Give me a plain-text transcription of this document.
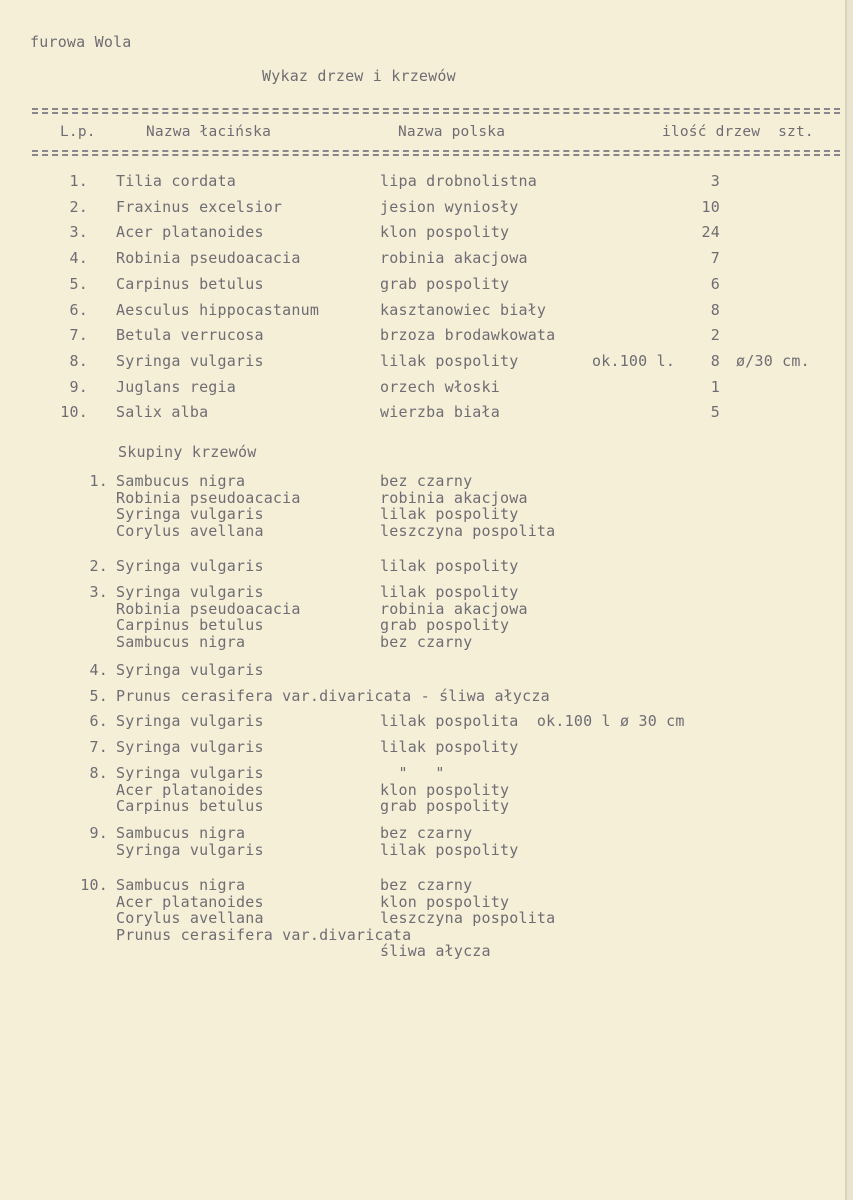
furowa Wola
Wykaz drzew i krzewów
L.p.	Nazwa łacińska	Nazwa polska	ilość drzew  szt.
1. Tilia cordata	lipa drobnolistna	3
2. Fraxinus excelsior	jesion wyniosły	10
3. Acer platanoides	klon pospolity	24
4. Robinia pseudoacacia	robinia akacjowa	7
5. Carpinus betulus	grab pospolity	6
6. Aesculus hippocastanum	kasztanowiec biały	8
7. Betula verrucosa	brzoza brodawkowata	2
8. Syringa vulgaris	lilak pospolity	ok.100 l.	8 ø/30 cm.
9. Juglans regia	orzech włoski	1
10. Salix alba	wierzba biała	5
Skupiny krzewów
1. Sambucus nigra	bez czarny
Robinia pseudoacacia	robinia akacjowa
Syringa vulgaris	lilak pospolity
Corylus avellana	leszczyna pospolita
2. Syringa vulgaris	lilak pospolity
3. Syringa vulgaris	lilak pospolity
Robinia pseudoacacia	robinia akacjowa
Carpinus betulus	grab pospolity
Sambucus nigra	bez czarny
4. Syringa vulgaris
5. Prunus cerasifera var.divaricata - śliwa ałycza
6. Syringa vulgaris	lilak pospolita  ok.100 l ø 30 cm
7. Syringa vulgaris	lilak pospolity
8. Syringa vulgaris	"   "
Acer platanoides	klon pospolity
Carpinus betulus	grab pospolity
9. Sambucus nigra	bez czarny
Syringa vulgaris	lilak pospolity
10. Sambucus nigra	bez czarny
Acer platanoides	klon pospolity
Corylus avellana	leszczyna pospolita
Prunus cerasifera var.divaricata
śliwa ałycza
